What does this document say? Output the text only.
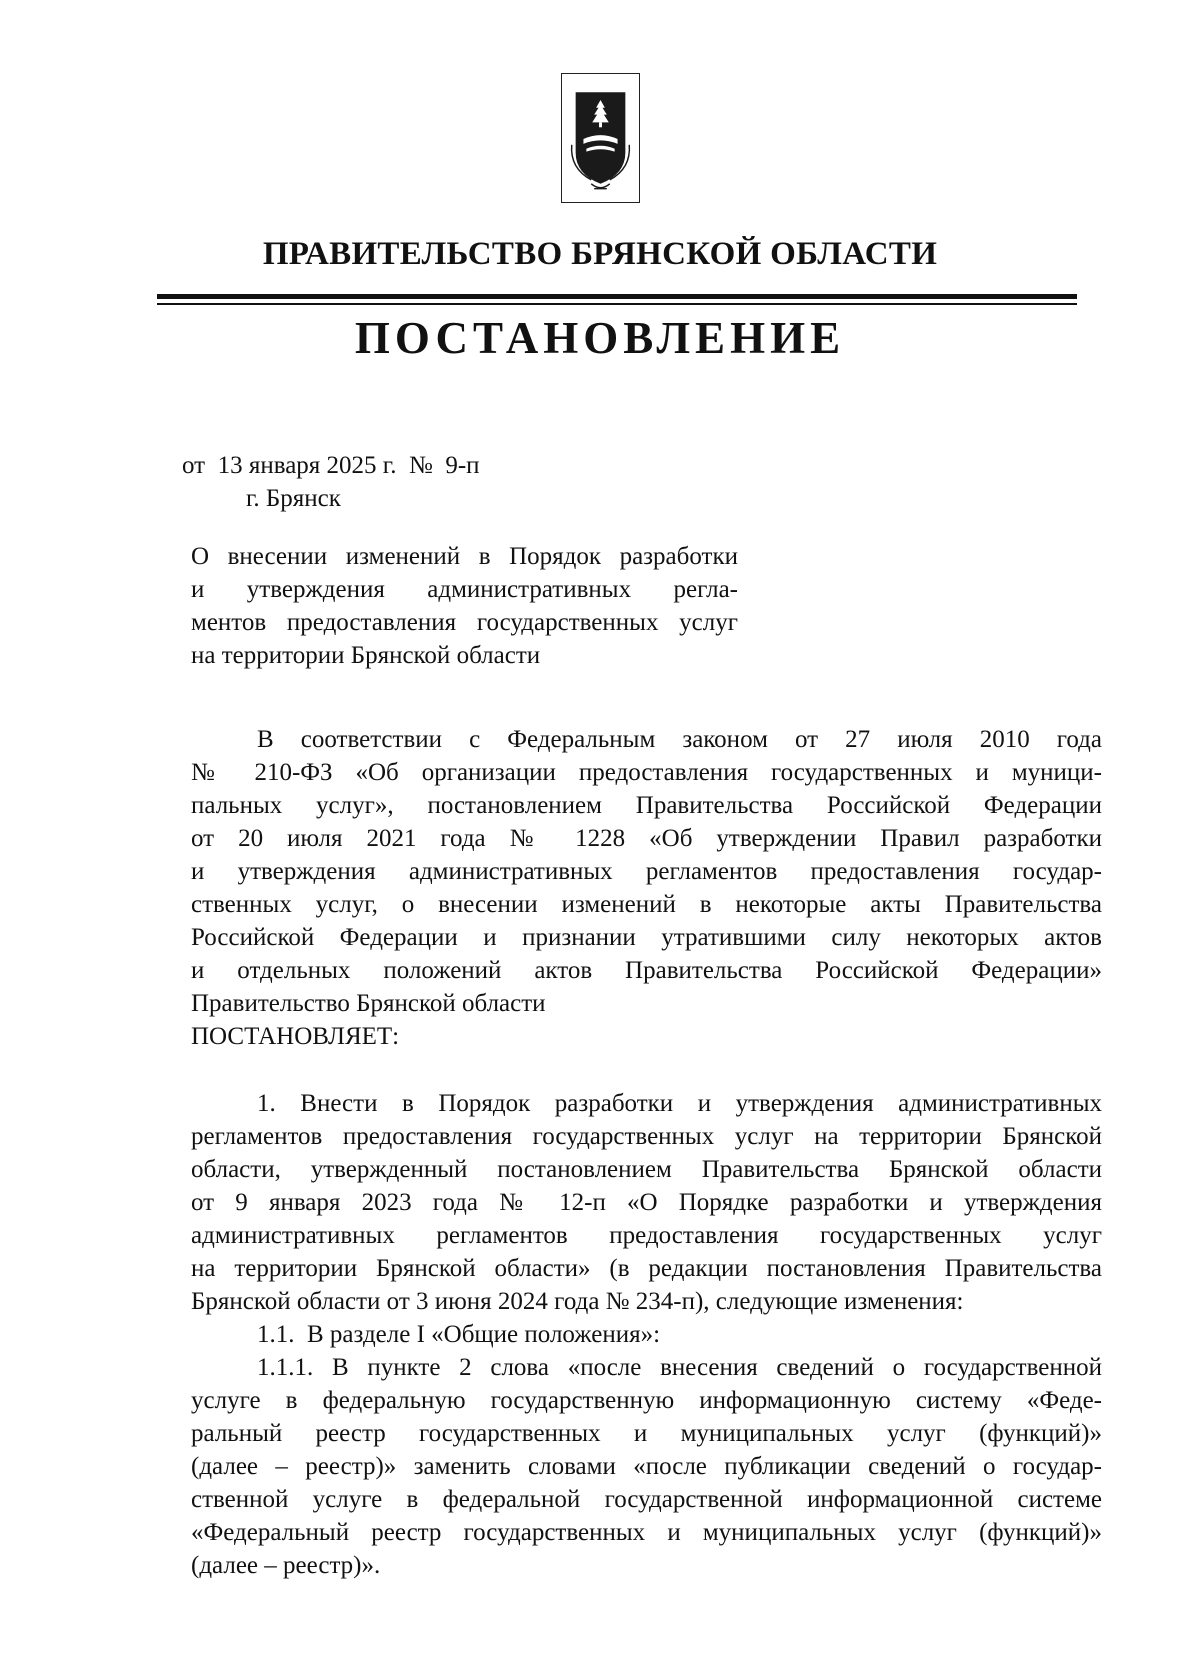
ПРАВИТЕЛЬСТВО БРЯНСКОЙ ОБЛАСТИ
ПОСТАНОВЛЕНИЕ
от  13 января 2025 г.  №  9-п
г. Брянск
О внесении изменений в Порядок разработки
и утверждения административных регла-
ментов предоставления государственных услуг
на территории Брянской области
В соответствии с Федеральным законом от 27 июля 2010 года
№ 210-ФЗ «Об организации предоставления государственных и муници-
пальных услуг», постановлением Правительства Российской Федерации
от 20 июля 2021 года № 1228 «Об утверждении Правил разработки
и утверждения административных регламентов предоставления государ-
ственных услуг, о внесении изменений в некоторые акты Правительства
Российской Федерации и признании утратившими силу некоторых актов
и отдельных положений актов Правительства Российской Федерации»
Правительство Брянской области
ПОСТАНОВЛЯЕТ:
1. Внести в Порядок разработки и утверждения административных
регламентов предоставления государственных услуг на территории Брянской
области, утвержденный постановлением Правительства Брянской области
от 9 января 2023 года № 12-п «О Порядке разработки и утверждения
административных регламентов предоставления государственных услуг
на территории Брянской области» (в редакции постановления Правительства
Брянской области от 3 июня 2024 года № 234-п), следующие изменения:
1.1.  В разделе I «Общие положения»:
1.1.1. В пункте 2 слова «после внесения сведений о государственной
услуге в федеральную государственную информационную систему «Феде-
ральный реестр государственных и муниципальных услуг (функций)»
(далее – реестр)» заменить словами «после публикации сведений о государ-
ственной услуге в федеральной государственной информационной системе
«Федеральный реестр государственных и муниципальных услуг (функций)»
(далее – реестр)».
